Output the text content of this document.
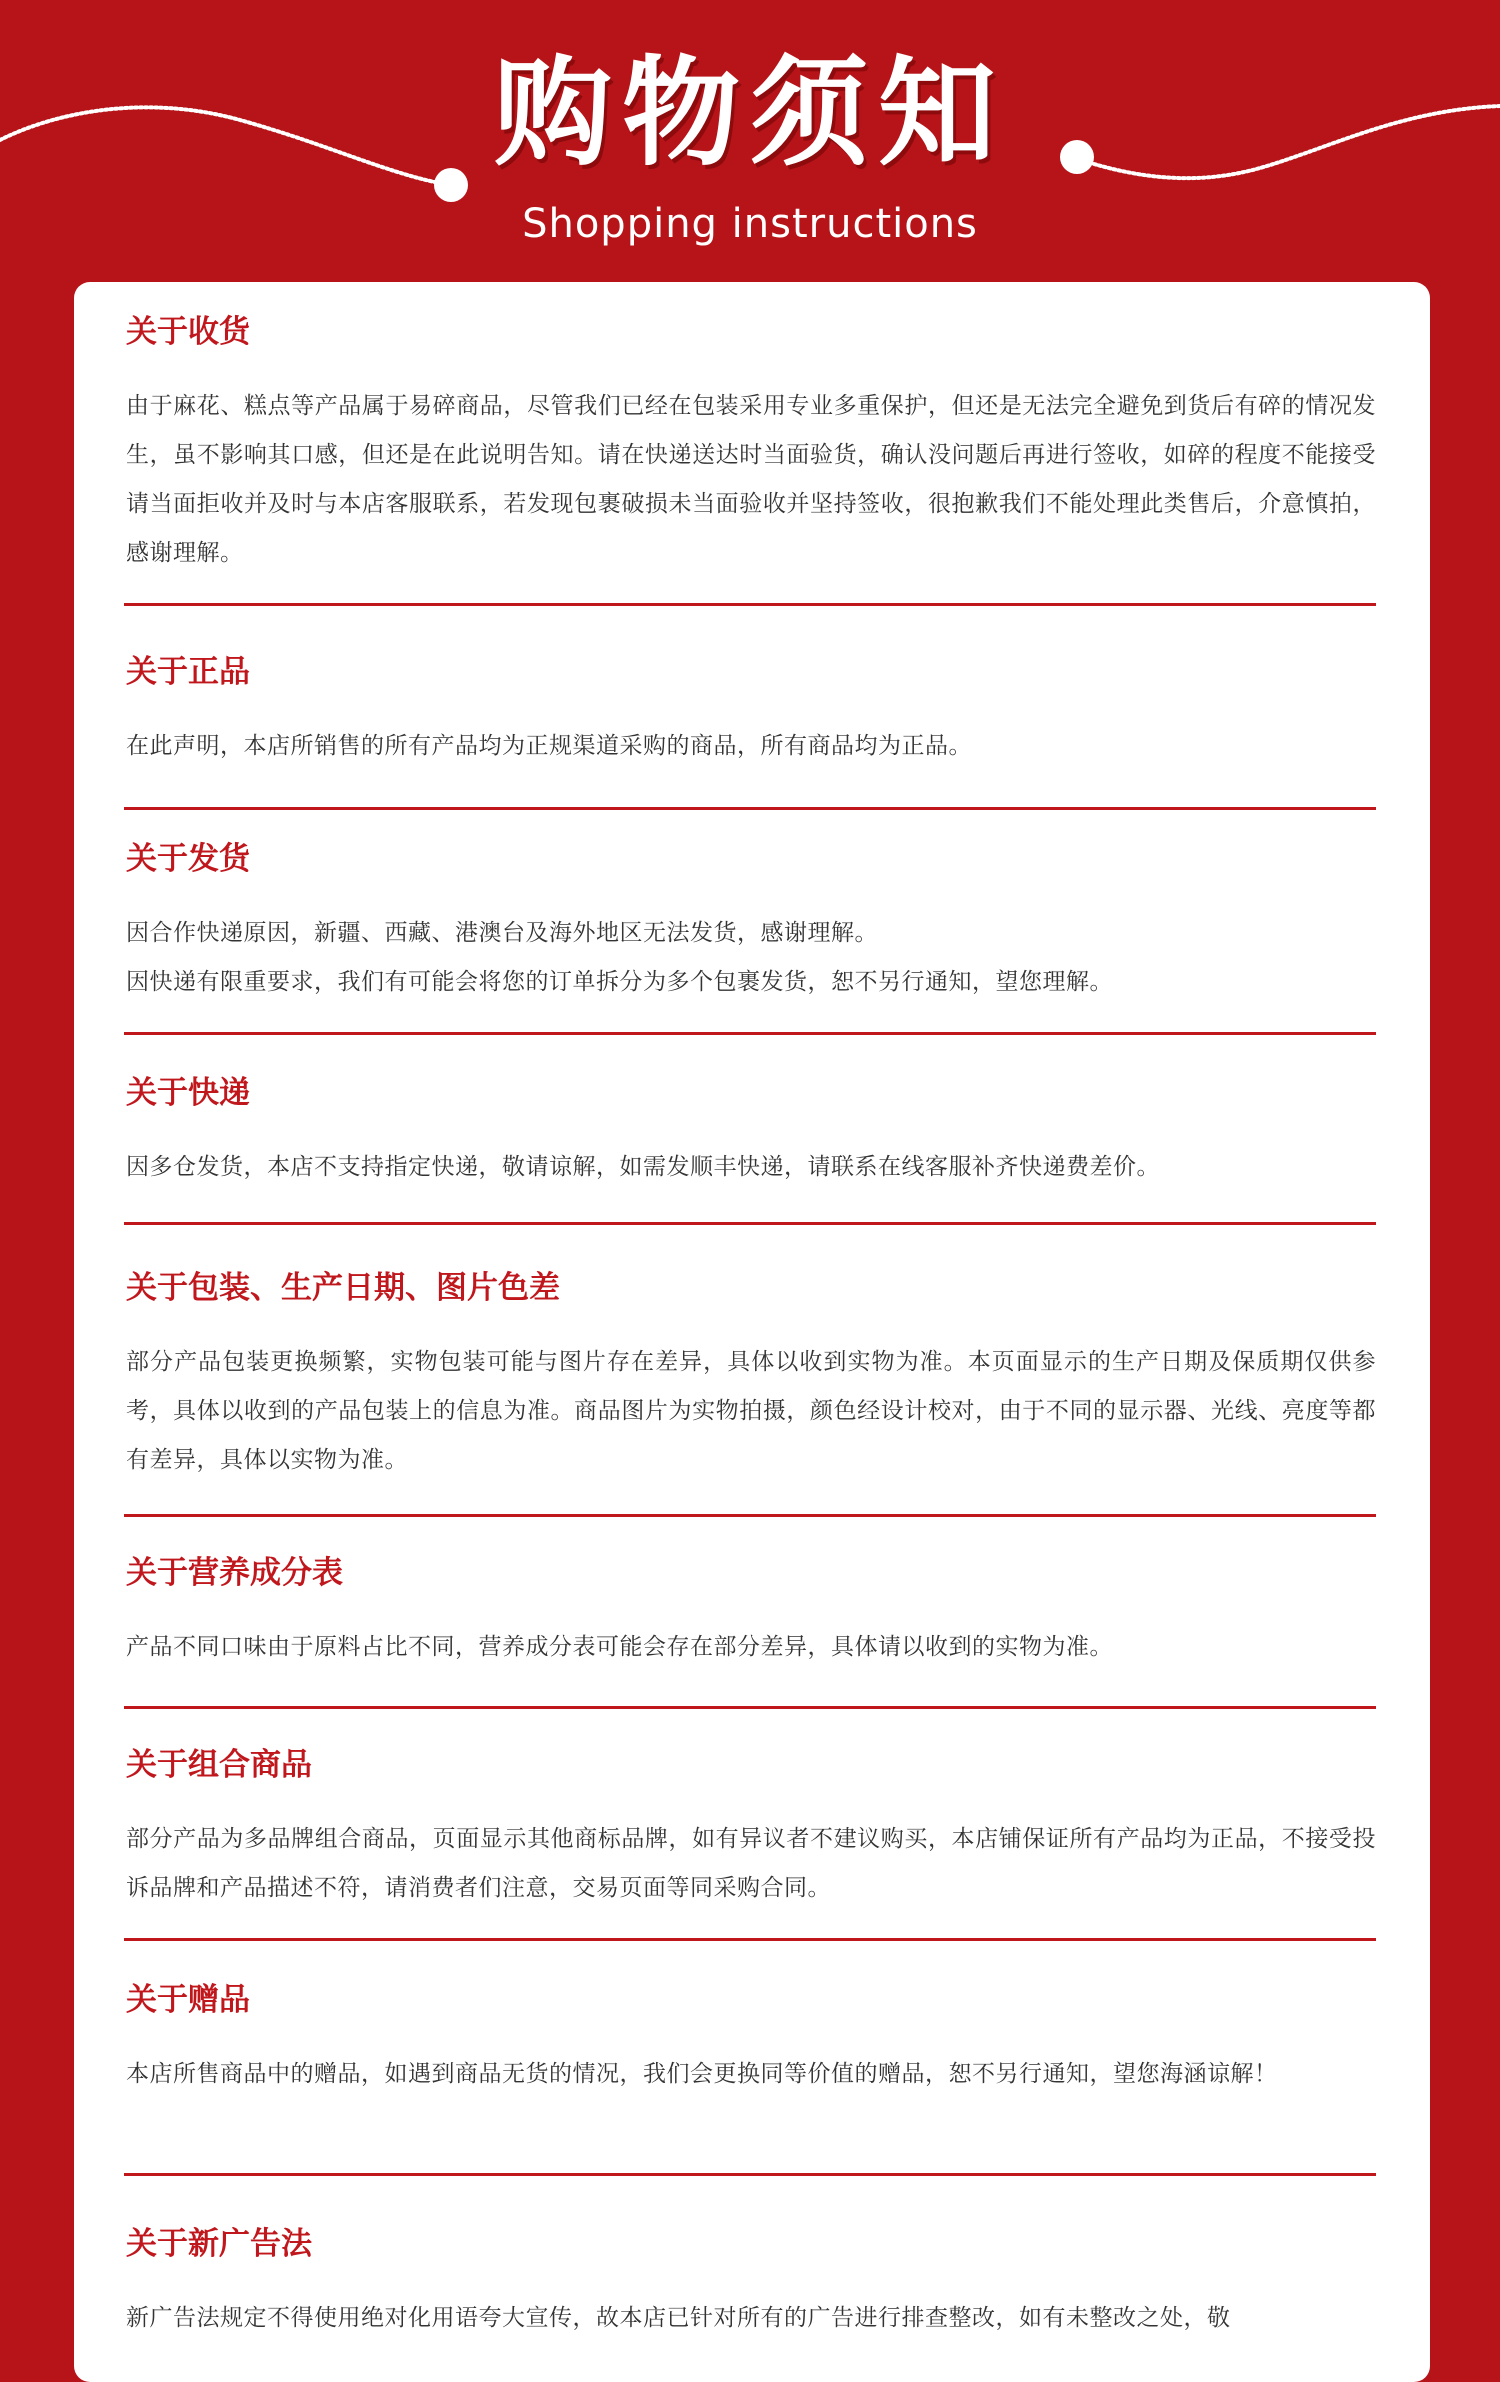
购物须知
Shopping instructions
关于收货

由于麻花、糕点等产品属于易碎商品，尽管我们已经在包装采用专业多重保护，但还是无法完全避免到货后有碎的情况发生，虽不影响其口感，但还是在此说明告知。请在快递送达时当面验货，确认没问题后再进行签收，如碎的程度不能接受请当面拒收并及时与本店客服联系，若发现包裹破损未当面验收并坚持签收，很抱歉我们不能处理此类售后，介意慎拍，感谢理解。

关于正品

在此声明，本店所销售的所有产品均为正规渠道采购的商品，所有商品均为正品。

关于发货

因合作快递原因，新疆、西藏、港澳台及海外地区无法发货，感谢理解。

因快递有限重要求，我们有可能会将您的订单拆分为多个包裹发货，恕不另行通知，望您理解。

关于快递

因多仓发货，本店不支持指定快递，敬请谅解，如需发顺丰快递，请联系在线客服补齐快递费差价。

关于包装、生产日期、图片色差

部分产品包装更换频繁，实物包装可能与图片存在差异，具体以收到实物为准。本页面显示的生产日期及保质期仅供参考，具体以收到的产品包装上的信息为准。商品图片为实物拍摄，颜色经设计校对，由于不同的显示器、光线、亮度等都有差异，具体以实物为准。

关于营养成分表

产品不同口味由于原料占比不同，营养成分表可能会存在部分差异，具体请以收到的实物为准。

关于组合商品

部分产品为多品牌组合商品，页面显示其他商标品牌，如有异议者不建议购买，本店铺保证所有产品均为正品，不接受投诉品牌和产品描述不符，请消费者们注意，交易页面等同采购合同。

关于赠品

本店所售商品中的赠品，如遇到商品无货的情况，我们会更换同等价值的赠品，恕不另行通知，望您海涵谅解！

关于新广告法

新广告法规定不得使用绝对化用语夸大宣传，故本店已针对所有的广告进行排查整改，如有未整改之处，敬
